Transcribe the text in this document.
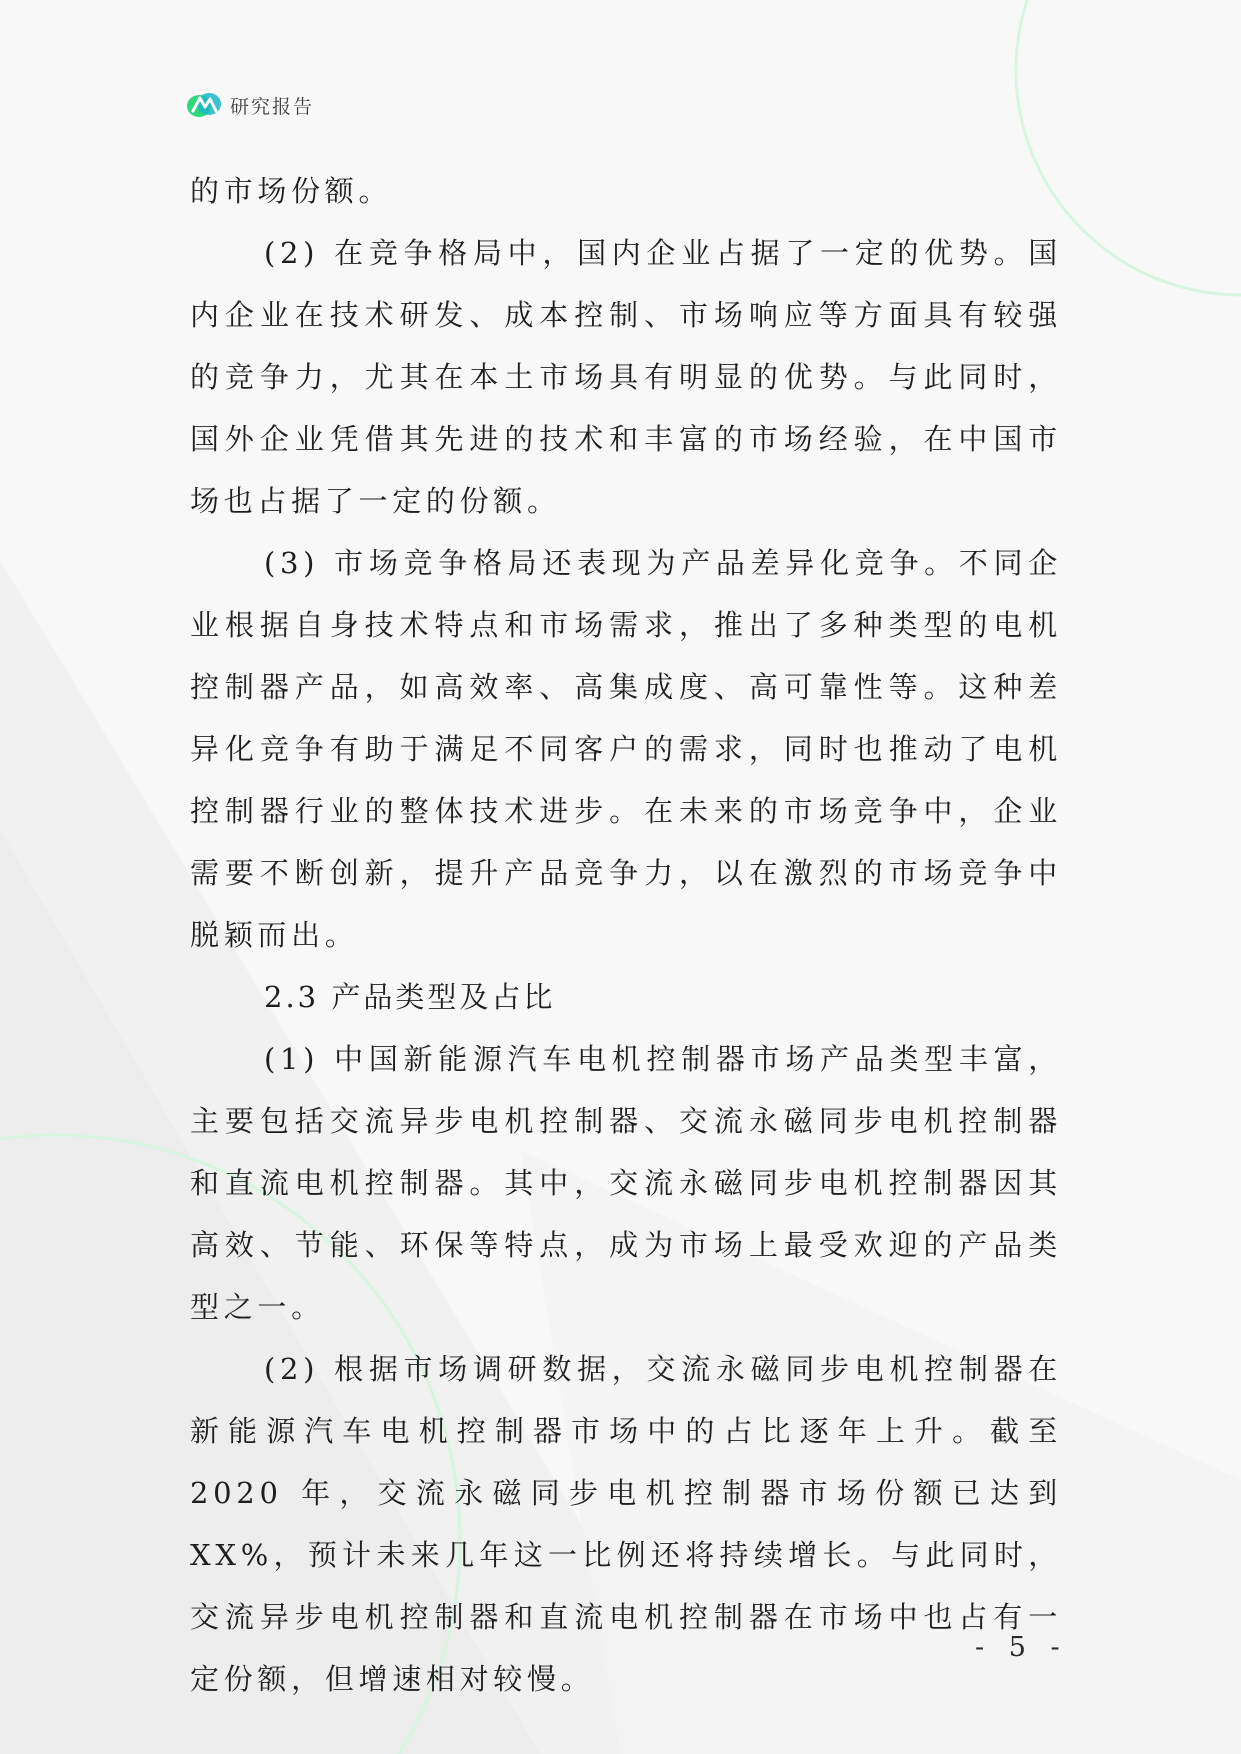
研究报告

的市场份额。

(2) 在竞争格局中，国内企业占据了一定的优势。国内企业在技术研发、成本控制、市场响应等方面具有较强的竞争力，尤其在本土市场具有明显的优势。与此同时，国外企业凭借其先进的技术和丰富的市场经验，在中国市场也占据了一定的份额。

(3) 市场竞争格局还表现为产品差异化竞争。不同企业根据自身技术特点和市场需求，推出了多种类型的电机控制器产品，如高效率、高集成度、高可靠性等。这种差异化竞争有助于满足不同客户的需求，同时也推动了电机控制器行业的整体技术进步。在未来的市场竞争中，企业需要不断创新，提升产品竞争力，以在激烈的市场竞争中脱颖而出。

2.3 产品类型及占比

(1) 中国新能源汽车电机控制器市场产品类型丰富，主要包括交流异步电机控制器、交流永磁同步电机控制器和直流电机控制器。其中，交流永磁同步电机控制器因其高效、节能、环保等特点，成为市场上最受欢迎的产品类型之一。

(2) 根据市场调研数据，交流永磁同步电机控制器在新能源汽车电机控制器市场中的占比逐年上升。截至 2020 年，交流永磁同步电机控制器市场份额已达到 XX%，预计未来几年这一比例还将持续增长。与此同时，交流异步电机控制器和直流电机控制器在市场中也占有一定份额，但增速相对较慢。

- 5 -
